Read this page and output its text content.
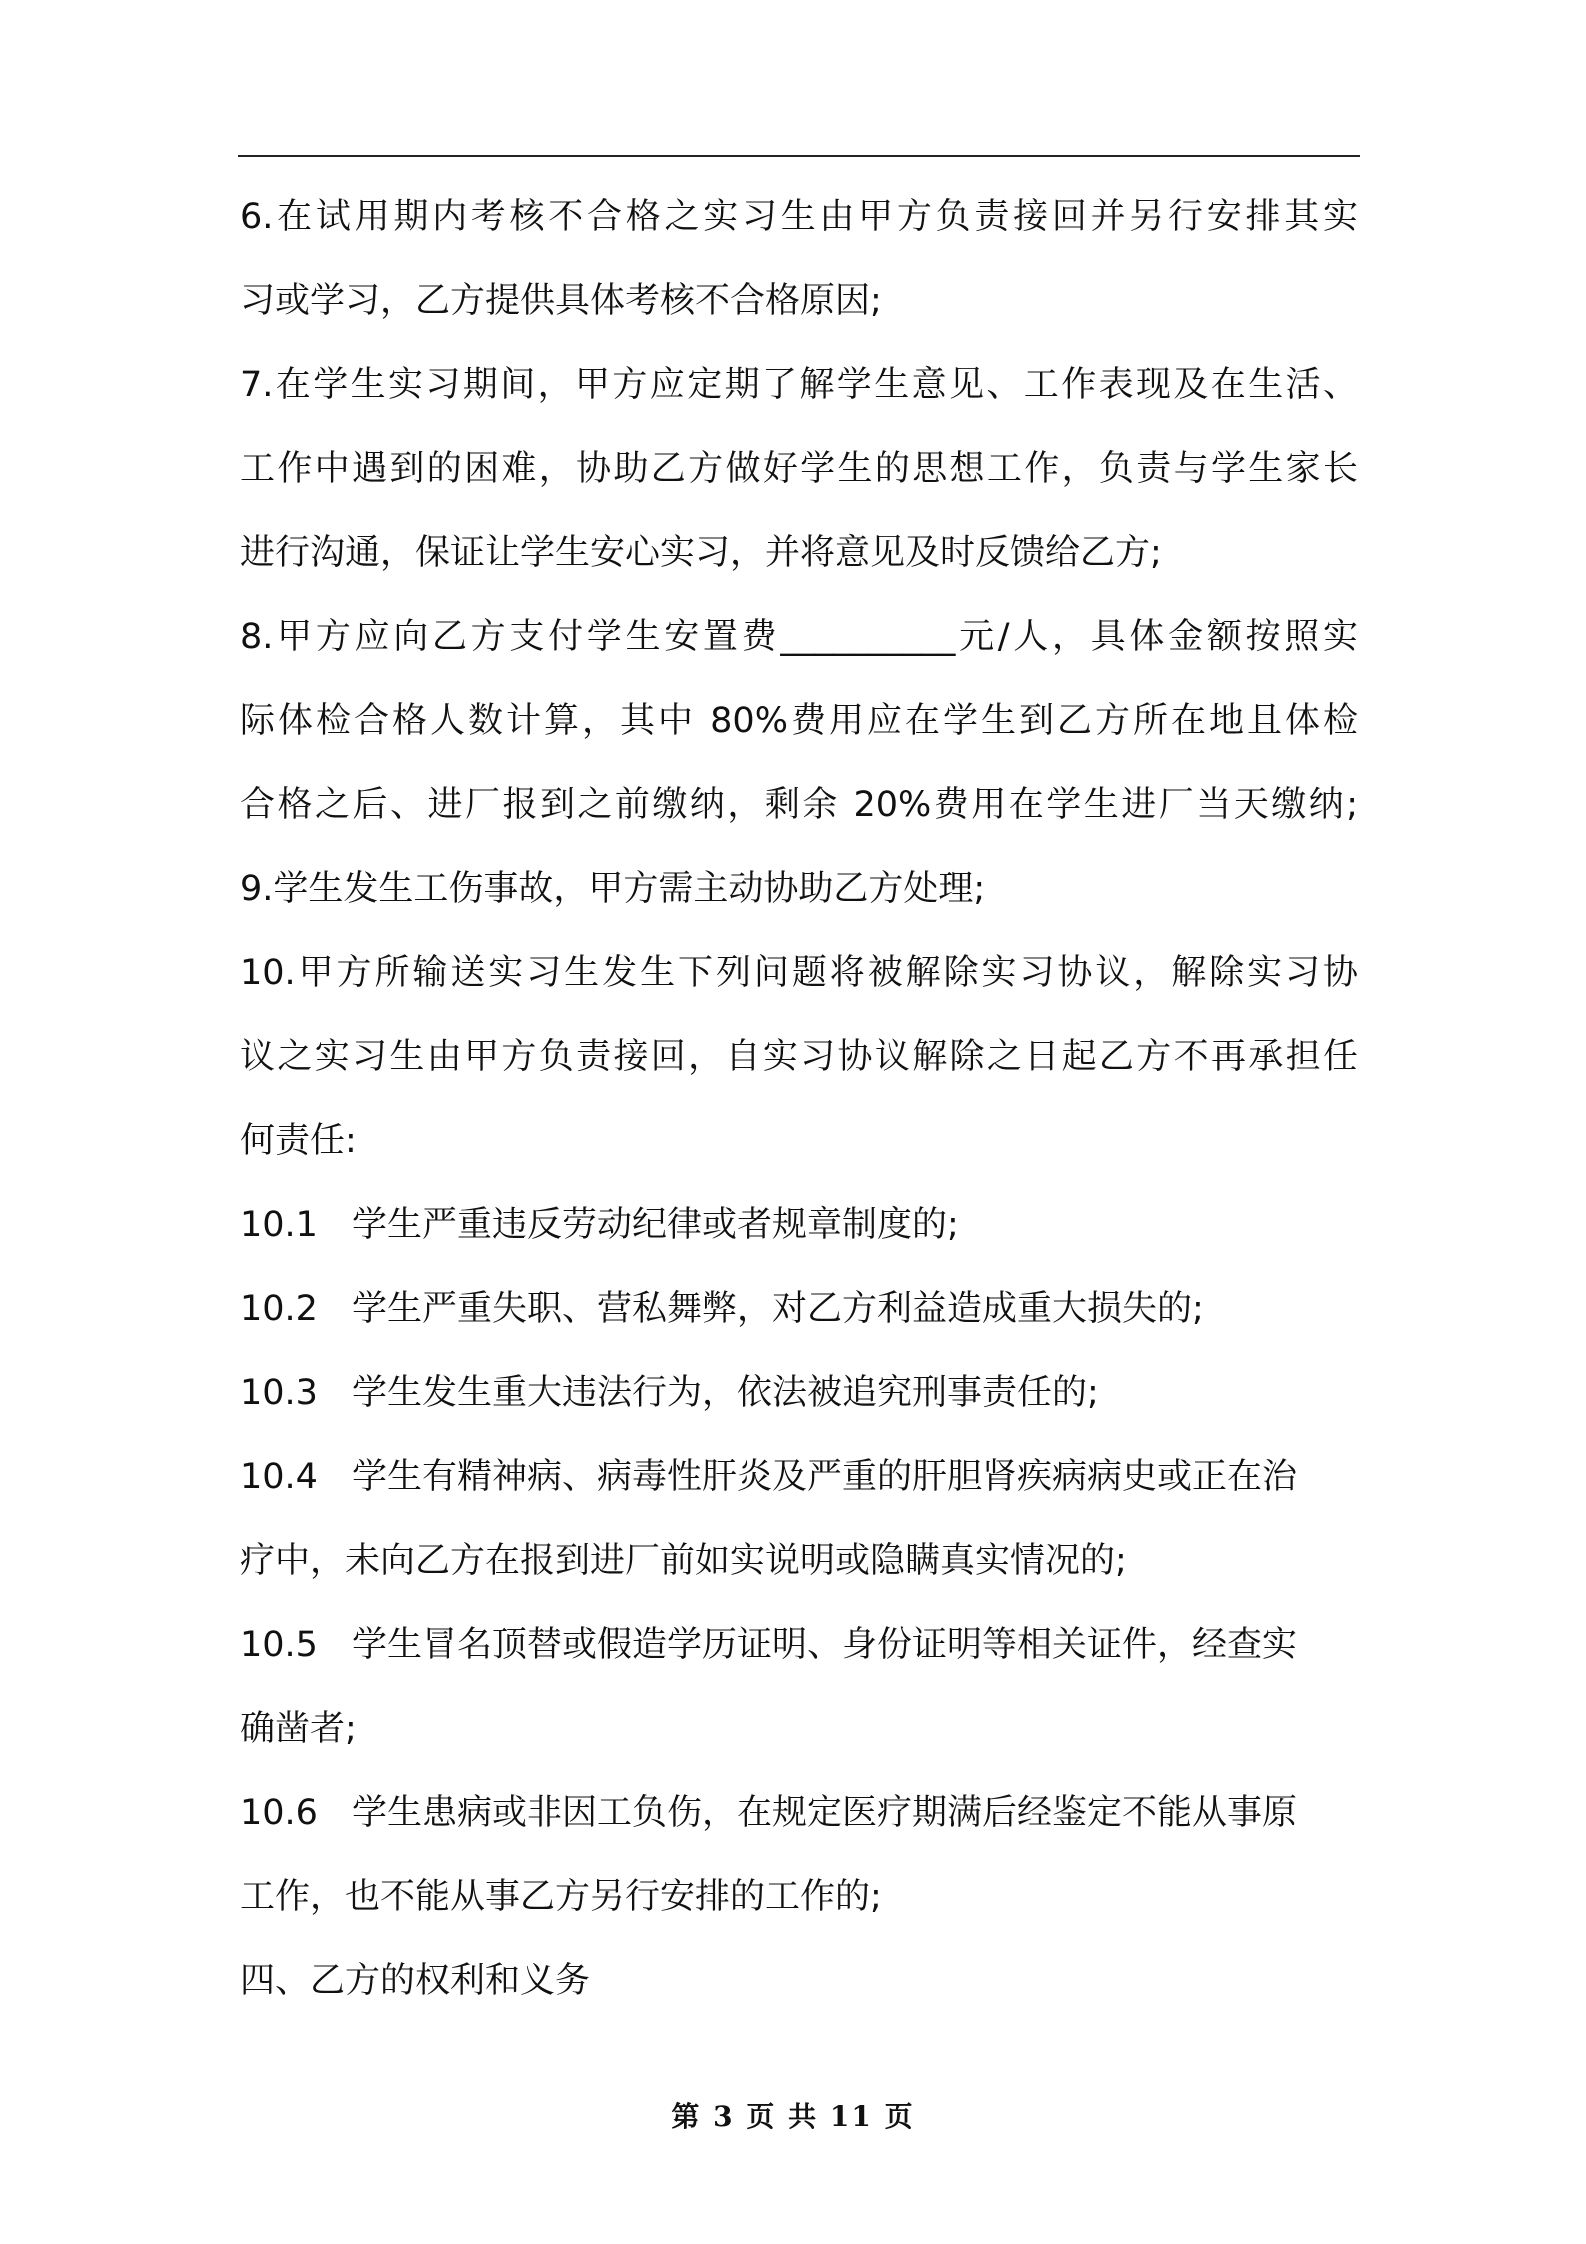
6.在试用期内考核不合格之实习生由甲方负责接回并另行安排其实
习或学习，乙方提供具体考核不合格原因;
7.在学生实习期间，甲方应定期了解学生意见、工作表现及在生活、
工作中遇到的困难，协助乙方做好学生的思想工作，负责与学生家长
进行沟通，保证让学生安心实习，并将意见及时反馈给乙方;
8.甲方应向乙方支付学生安置费__________元/人，具体金额按照实
际体检合格人数计算，其中 80%费用应在学生到乙方所在地且体检
合格之后、进厂报到之前缴纳，剩余 20%费用在学生进厂当天缴纳;
9.学生发生工伤事故，甲方需主动协助乙方处理;
10.甲方所输送实习生发生下列问题将被解除实习协议，解除实习协
议之实习生由甲方负责接回，自实习协议解除之日起乙方不再承担任
何责任:
10.1 学生严重违反劳动纪律或者规章制度的;
10.2 学生严重失职、营私舞弊，对乙方利益造成重大损失的;
10.3 学生发生重大违法行为，依法被追究刑事责任的;
10.4 学生有精神病、病毒性肝炎及严重的肝胆肾疾病病史或正在治
疗中，未向乙方在报到进厂前如实说明或隐瞒真实情况的;
10.5 学生冒名顶替或假造学历证明、身份证明等相关证件，经查实
确凿者;
10.6 学生患病或非因工负伤，在规定医疗期满后经鉴定不能从事原
工作，也不能从事乙方另行安排的工作的;
四、乙方的权利和义务
第 3 页 共 11 页
